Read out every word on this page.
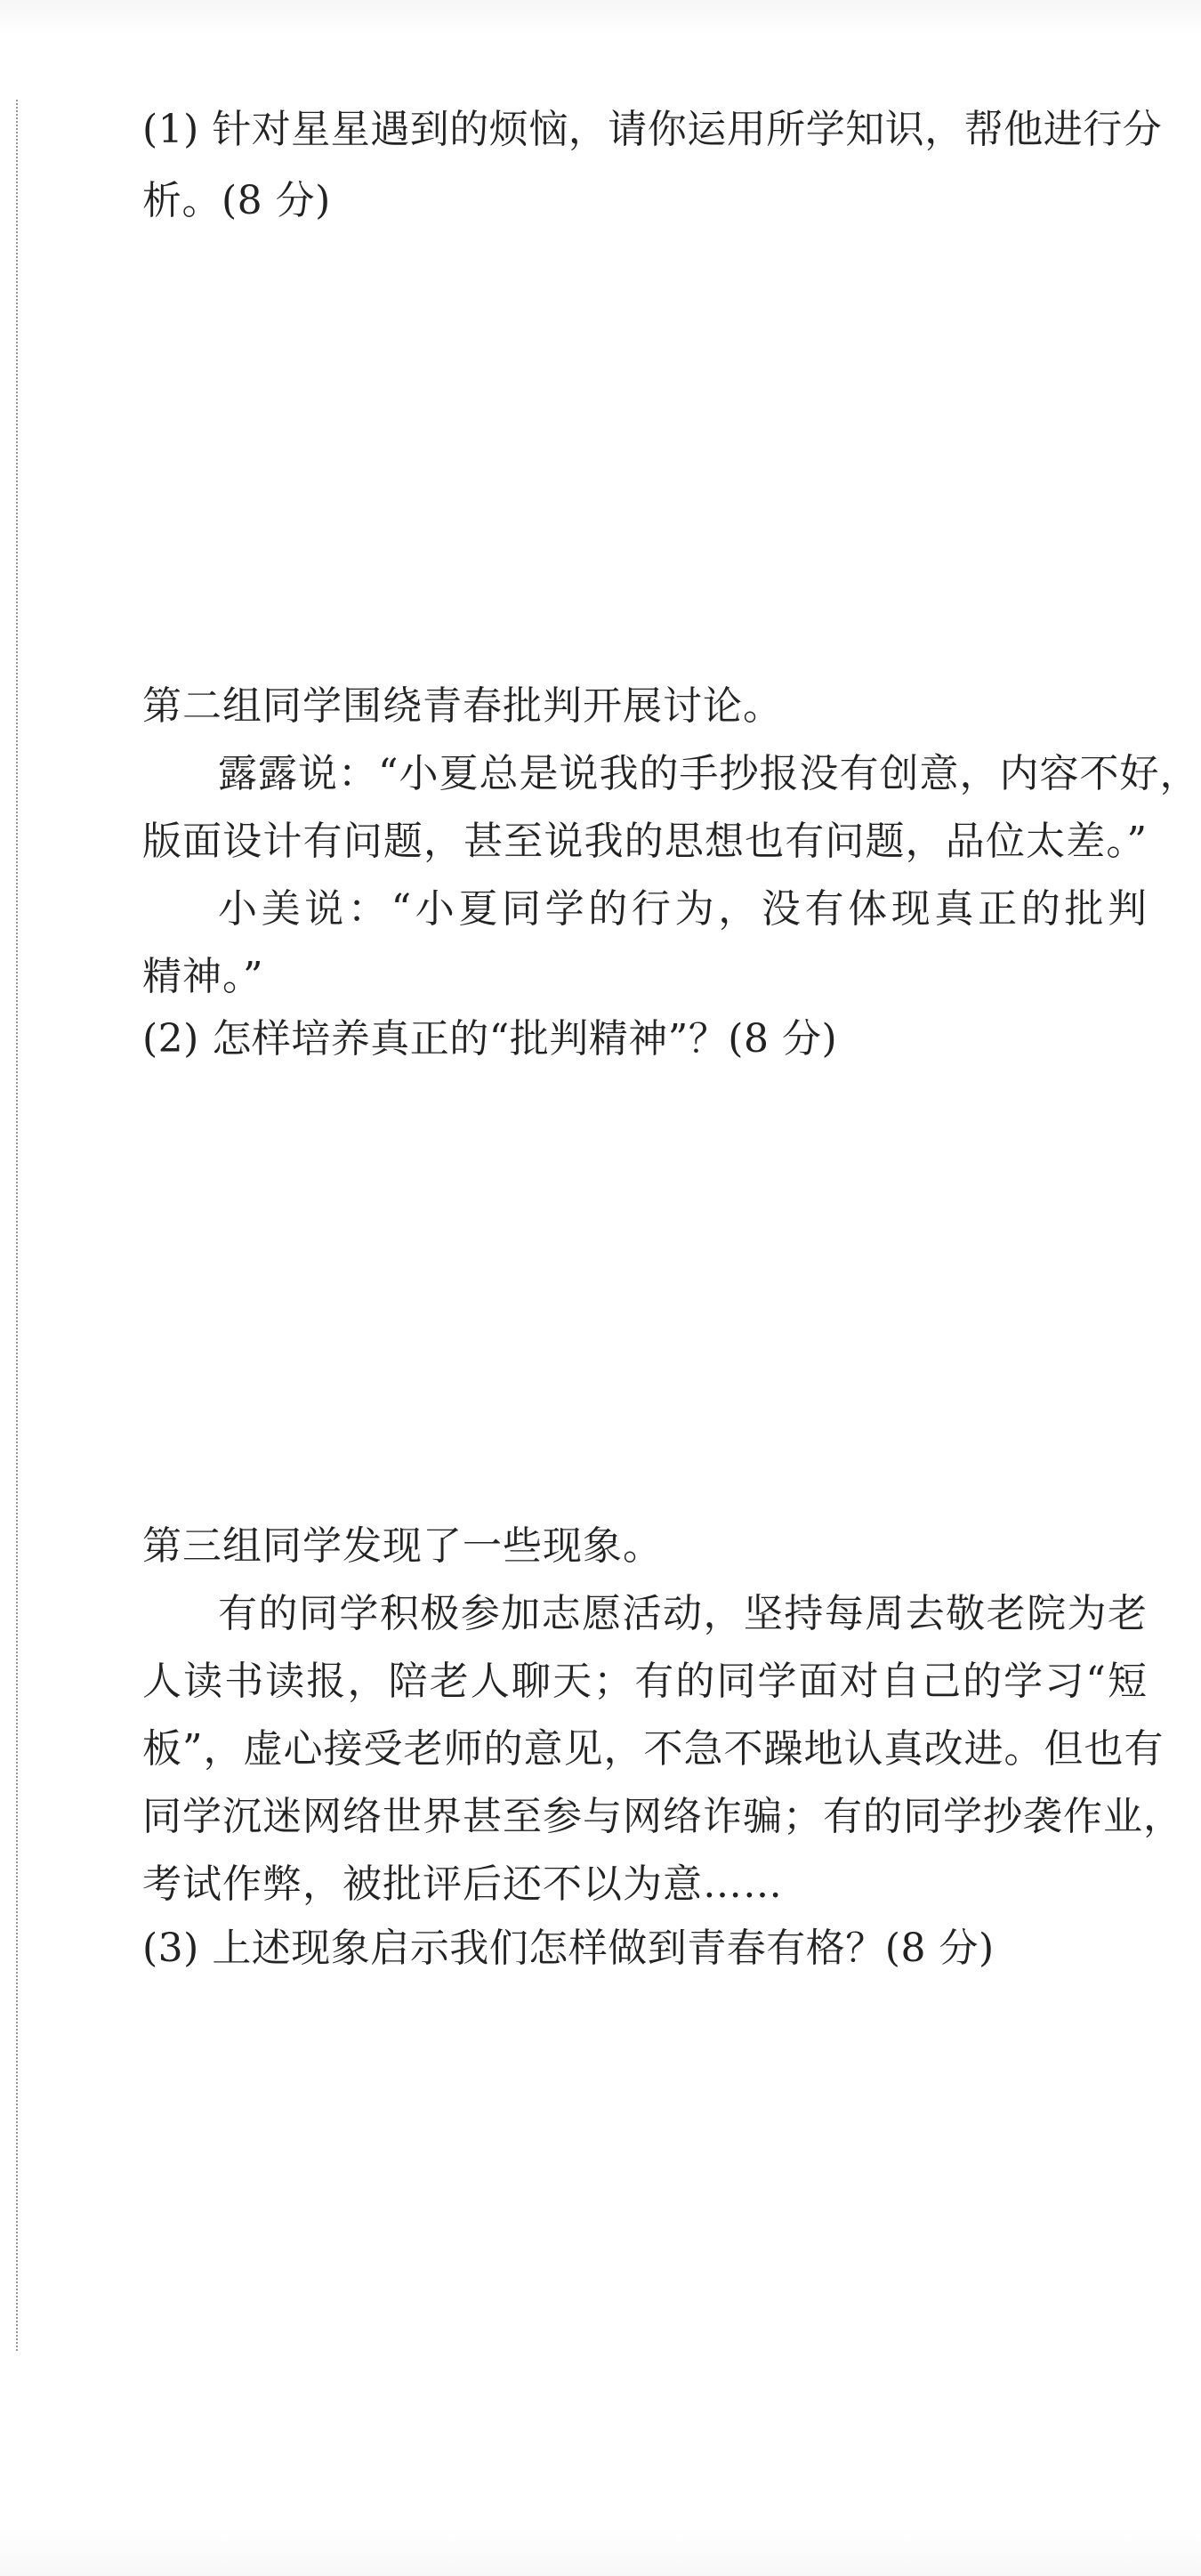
(1) 针对星星遇到的烦恼，请你运用所学知识，帮他进行分
析。(8 分)
第二组同学围绕青春批判开展讨论。
露露说：“小夏总是说我的手抄报没有创意，内容不好，
版面设计有问题，甚至说我的思想也有问题，品位太差。”
小美说：“小夏同学的行为，没有体现真正的批判
精神。”
(2) 怎样培养真正的“批判精神”？(8 分)
第三组同学发现了一些现象。
有的同学积极参加志愿活动，坚持每周去敬老院为老
人读书读报，陪老人聊天；有的同学面对自己的学习“短
板”，虚心接受老师的意见，不急不躁地认真改进。但也有
同学沉迷网络世界甚至参与网络诈骗；有的同学抄袭作业，
考试作弊，被批评后还不以为意……
(3) 上述现象启示我们怎样做到青春有格？(8 分)
